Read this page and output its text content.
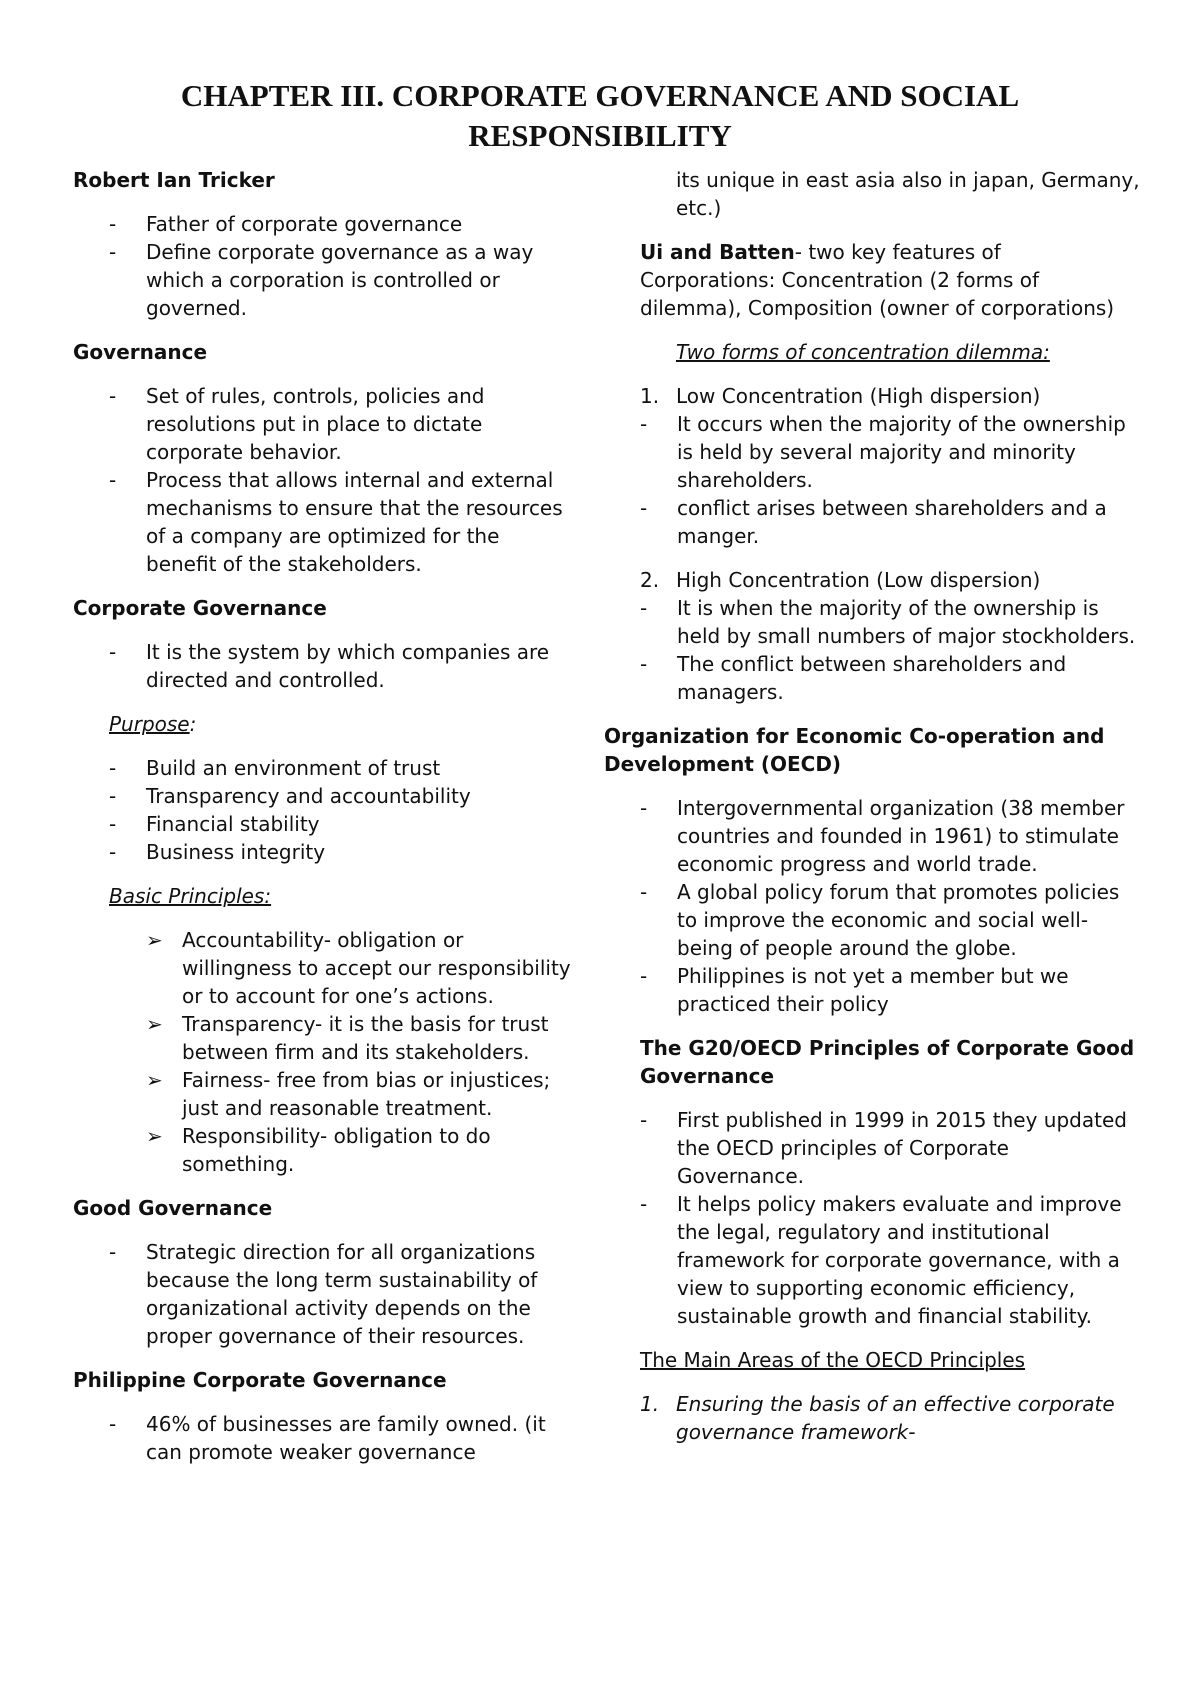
CHAPTER III. CORPORATE GOVERNANCE AND SOCIAL
RESPONSIBILITY
Robert Ian Tricker
- Father of corporate governance
- Define corporate governance as a way which a corporation is controlled or governed.
Governance
- Set of rules, controls, policies and resolutions put in place to dictate corporate behavior.
- Process that allows internal and external mechanisms to ensure that the resources of a company are optimized for the benefit of the stakeholders.
Corporate Governance
- It is the system by which companies are directed and controlled.
Purpose:
- Build an environment of trust
- Transparency and accountability
- Financial stability
- Business integrity
Basic Principles:
➢ Accountability- obligation or willingness to accept our responsibility or to account for one’s actions.
➢ Transparency- it is the basis for trust between firm and its stakeholders.
➢ Fairness- free from bias or injustices; just and reasonable treatment.
➢ Responsibility- obligation to do something.
Good Governance
- Strategic direction for all organizations because the long term sustainability of organizational activity depends on the proper governance of their resources.
Philippine Corporate Governance
- 46% of businesses are family owned. (it can promote weaker governance
its unique in east asia also in japan, Germany, etc.)
Ui and Batten- two key features of Corporations: Concentration (2 forms of dilemma), Composition (owner of corporations)
Two forms of concentration dilemma:
1. Low Concentration (High dispersion)
- It occurs when the majority of the ownership is held by several majority and minority shareholders.
- conflict arises between shareholders and a manger.
2. High Concentration (Low dispersion)
- It is when the majority of the ownership is held by small numbers of major stockholders.
- The conflict between shareholders and managers.
Organization for Economic Co-operation and Development (OECD)
- Intergovernmental organization (38 member countries and founded in 1961) to stimulate economic progress and world trade.
- A global policy forum that promotes policies to improve the economic and social well-being of people around the globe.
- Philippines is not yet a member but we practiced their policy
The G20/OECD Principles of Corporate Good Governance
- First published in 1999 in 2015 they updated the OECD principles of Corporate Governance.
- It helps policy makers evaluate and improve the legal, regulatory and institutional framework for corporate governance, with a view to supporting economic efficiency, sustainable growth and financial stability.
The Main Areas of the OECD Principles
1. Ensuring the basis of an effective corporate governance framework-
